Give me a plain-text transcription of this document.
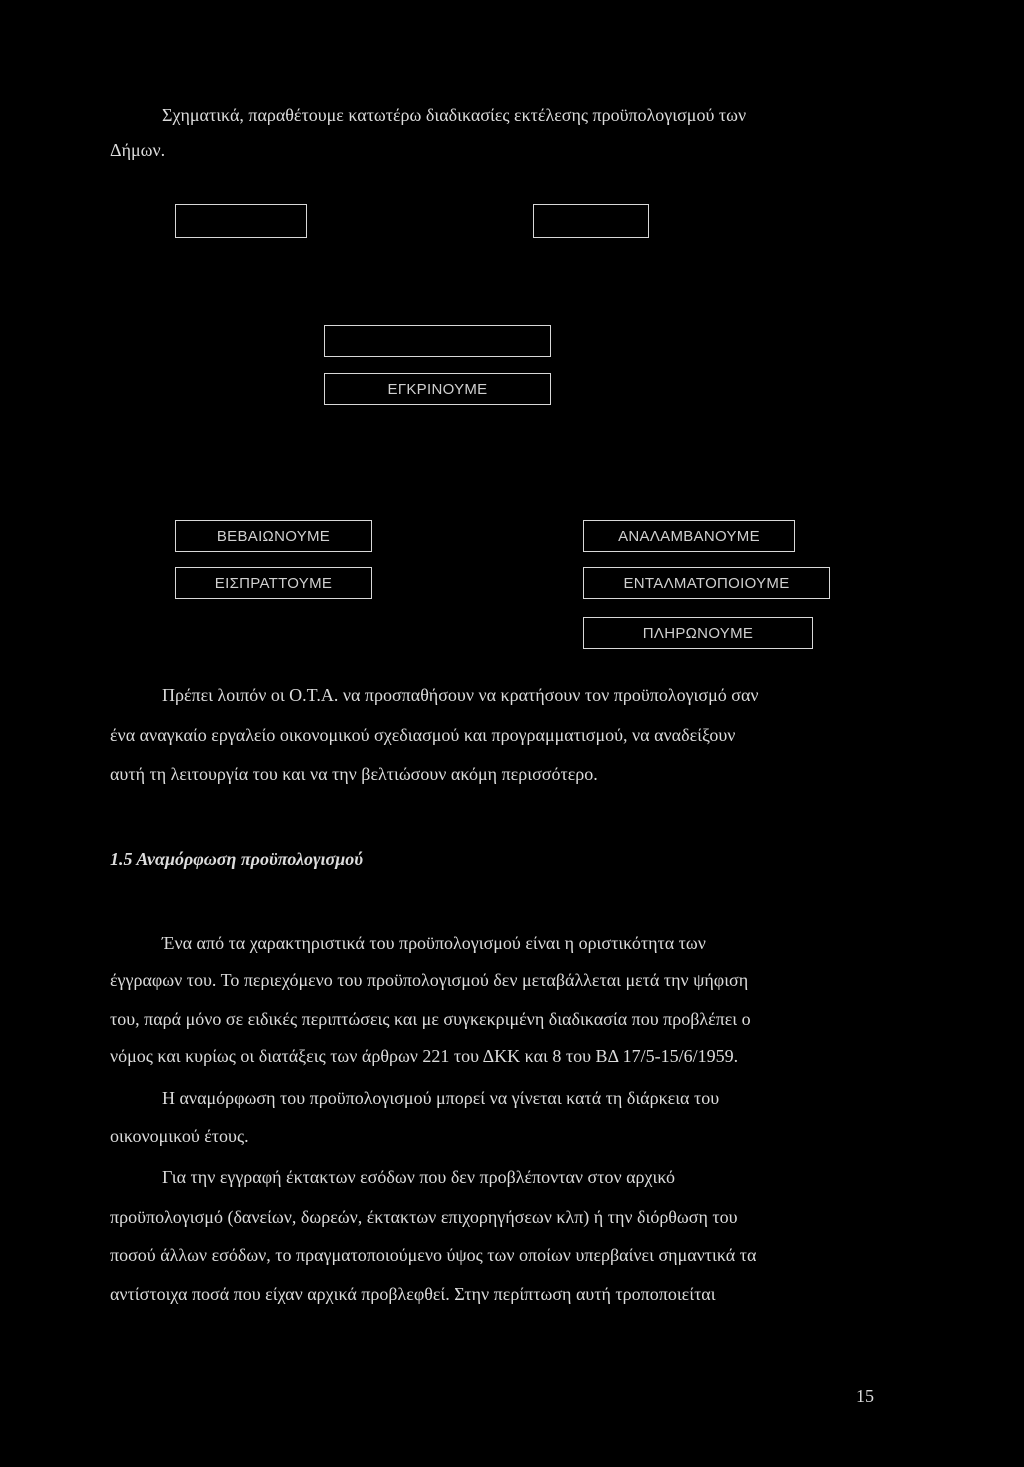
Σχηματικά, παραθέτουμε κατωτέρω διαδικασίες εκτέλεσης προϋπολογισμού των
Δήμων.
ΕΓΚΡΙΝΟΥΜΕ
ΒΕΒΑΙΩΝΟΥΜΕ
ΕΙΣΠΡΑΤΤΟΥΜΕ
ΑΝΑΛΑΜΒΑΝΟΥΜΕ
ΕΝΤΑΛΜΑΤΟΠΟΙΟΥΜΕ
ΠΛΗΡΩΝΟΥΜΕ
Πρέπει λοιπόν οι Ο.Τ.Α. να προσπαθήσουν να κρατήσουν τον προϋπολογισμό σαν
ένα αναγκαίο εργαλείο οικονομικού σχεδιασμού και προγραμματισμού, να αναδείξουν
αυτή τη λειτουργία του και να την βελτιώσουν ακόμη περισσότερο.
1.5 Αναμόρφωση προϋπολογισμού
Ένα από τα χαρακτηριστικά του προϋπολογισμού είναι η οριστικότητα των
έγγραφων του. Το περιεχόμενο του προϋπολογισμού δεν μεταβάλλεται μετά την ψήφιση
του, παρά μόνο σε ειδικές περιπτώσεις και με συγκεκριμένη διαδικασία που προβλέπει ο
νόμος και κυρίως οι διατάξεις των άρθρων 221 του ΔΚΚ και 8 του ΒΔ 17/5-15/6/1959.
Η αναμόρφωση του προϋπολογισμού μπορεί να γίνεται κατά τη διάρκεια του
οικονομικού έτους.
Για την εγγραφή έκτακτων εσόδων που δεν προβλέπονταν στον αρχικό
προϋπολογισμό (δανείων, δωρεών, έκτακτων επιχορηγήσεων κλπ) ή την διόρθωση του
ποσού άλλων εσόδων, το πραγματοποιούμενο ύψος των οποίων υπερβαίνει σημαντικά τα
αντίστοιχα ποσά που είχαν αρχικά προβλεφθεί. Στην περίπτωση αυτή τροποποιείται
15
